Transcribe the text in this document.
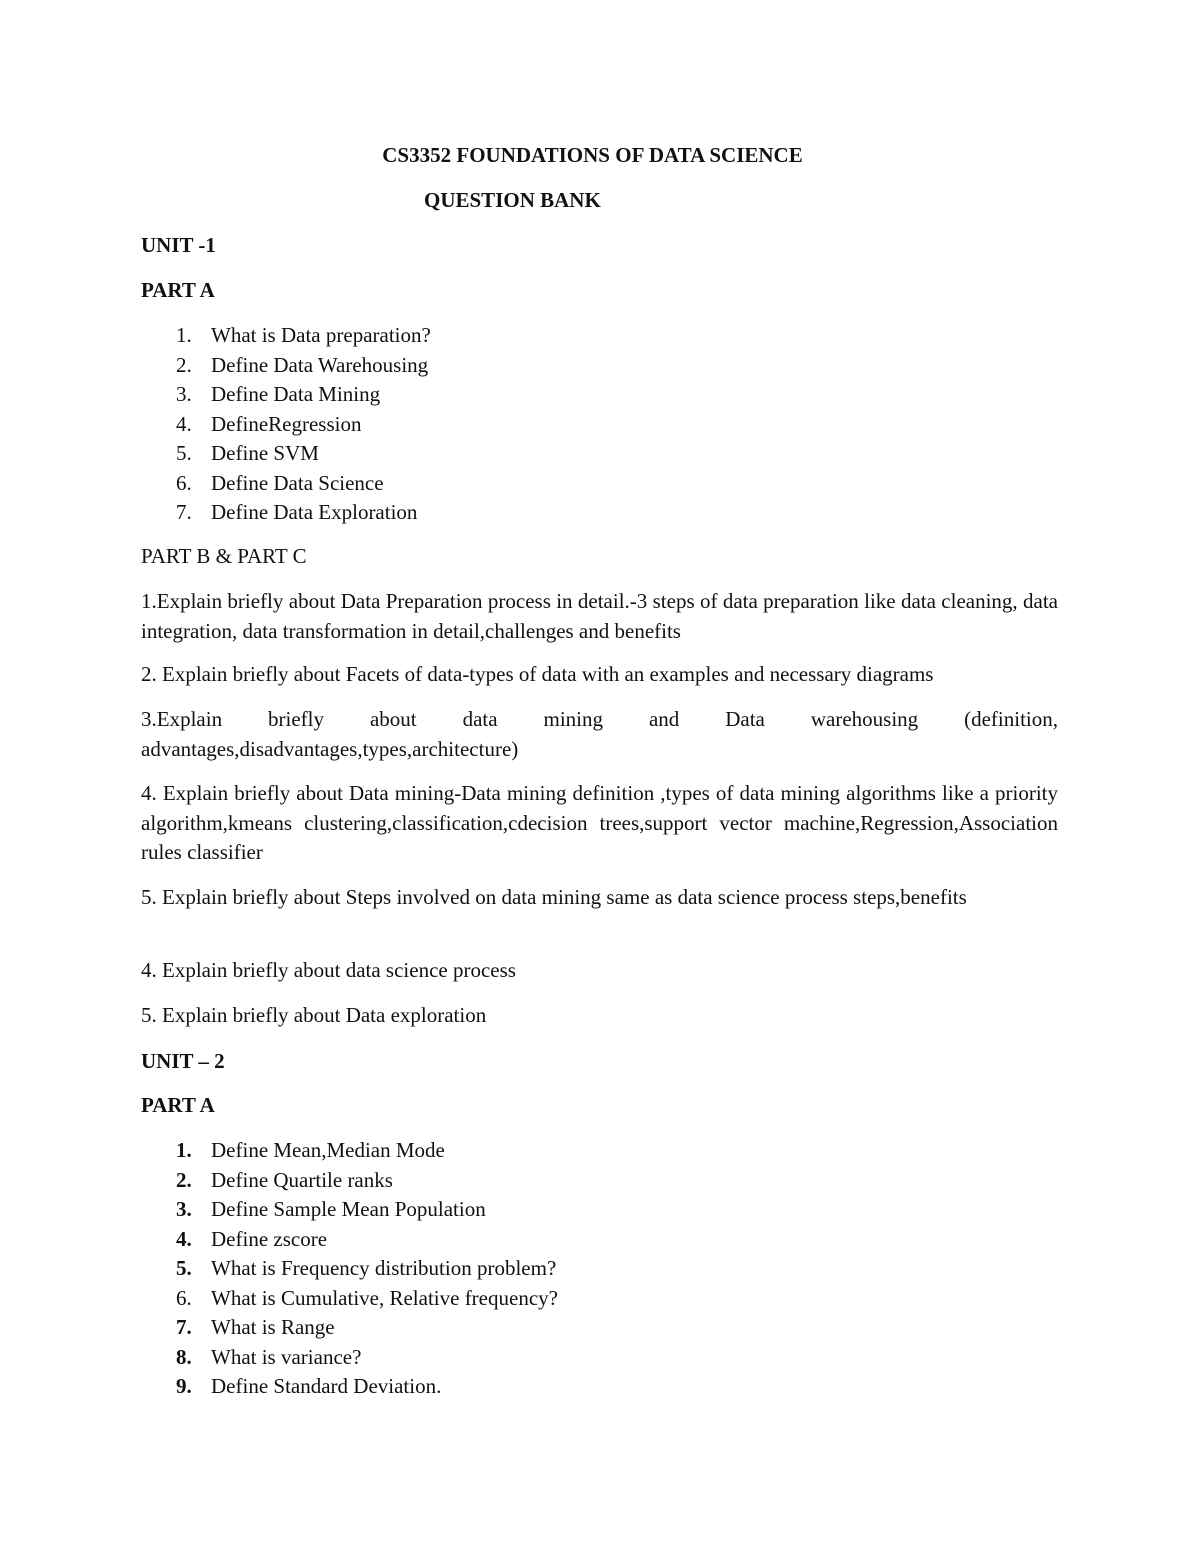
CS3352 FOUNDATIONS OF DATA SCIENCE
QUESTION BANK
UNIT -1
PART A
1. What is Data preparation?
2. Define Data Warehousing
3. Define Data Mining
4. DefineRegression
5. Define SVM
6. Define Data Science
7. Define Data Exploration
PART B & PART C

1.Explain briefly about Data Preparation process in detail.-3 steps of data preparation like data cleaning, data integration, data transformation in detail,challenges and benefits

2. Explain briefly about Facets of data-types of data with an examples and necessary diagrams

3.Explain briefly about data mining and Data warehousing (definition, advantages,disadvantages,types,architecture)

4. Explain briefly about Data mining-Data mining definition ,types of data mining algorithms like a priority algorithm,kmeans clustering,classification,cdecision trees,support vector machine,Regression,Association rules classifier

5. Explain briefly about Steps involved on data mining same as data science process steps,benefits

4. Explain briefly about data science process

5. Explain briefly about Data exploration

UNIT – 2
PART A
1. Define Mean,Median Mode
2. Define Quartile ranks
3. Define Sample Mean Population
4. Define zscore
5. What is Frequency distribution problem?
6. What is Cumulative, Relative frequency?
7. What is Range
8. What is variance?
9. Define Standard Deviation.
